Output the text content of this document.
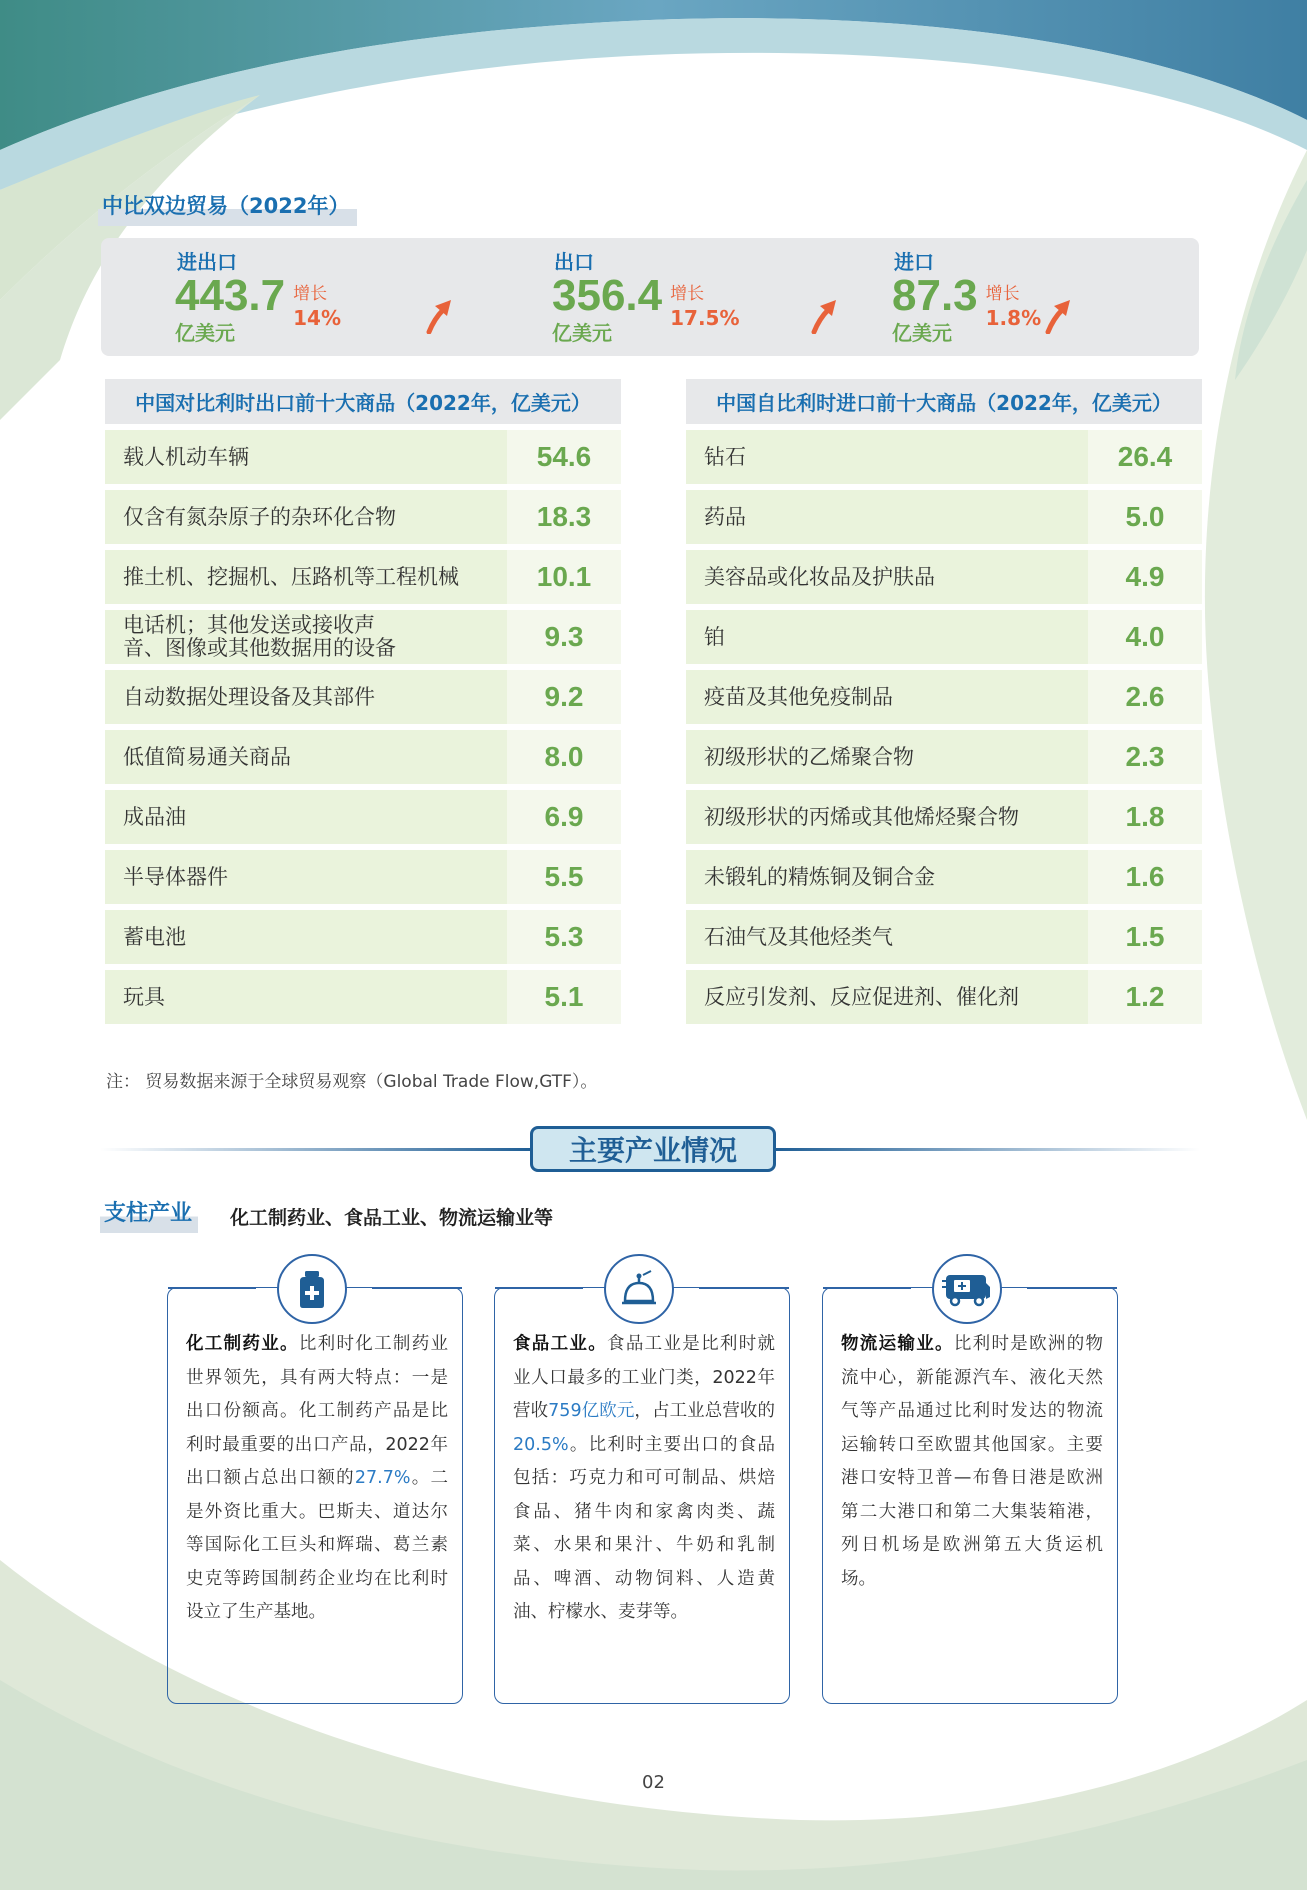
中比双边贸易（2022年）
进出口
443.7
亿美元
增长
14%
出口
356.4
亿美元
增长
17.5%
进口
87.3
亿美元
增长
1.8%
中国对比利时出口前十大商品（2022年，亿美元）
载人机动车辆	54.6
仅含有氮杂原子的杂环化合物	18.3
推土机、挖掘机、压路机等工程机械	10.1
电话机；其他发送或接收声音、图像或其他数据用的设备	9.3
自动数据处理设备及其部件	9.2
低值简易通关商品	8.0
成品油	6.9
半导体器件	5.5
蓄电池	5.3
玩具	5.1
中国自比利时进口前十大商品（2022年，亿美元）
钻石	26.4
药品	5.0
美容品或化妆品及护肤品	4.9
铂	4.0
疫苗及其他免疫制品	2.6
初级形状的乙烯聚合物	2.3
初级形状的丙烯或其他烯烃聚合物	1.8
未锻轧的精炼铜及铜合金	1.6
石油气及其他烃类气	1.5
反应引发剂、反应促进剂、催化剂	1.2
注： 贸易数据来源于全球贸易观察（Global Trade Flow,GTF）。
主要产业情况
支柱产业	化工制药业、食品工业、物流运输业等
化工制药业。比利时化工制药业世界领先，具有两大特点：一是出口份额高。化工制药产品是比利时最重要的出口产品，2022年出口额占总出口额的27.7%。二是外资比重大。巴斯夫、道达尔等国际化工巨头和辉瑞、葛兰素史克等跨国制药企业均在比利时设立了生产基地。
食品工业。食品工业是比利时就业人口最多的工业门类，2022年营收759亿欧元，占工业总营收的20.5%。比利时主要出口的食品包括：巧克力和可可制品、烘焙食品、猪牛肉和家禽肉类、蔬菜、水果和果汁、牛奶和乳制品、啤酒、动物饲料、人造黄油、柠檬水、麦芽等。
物流运输业。比利时是欧洲的物流中心，新能源汽车、液化天然气等产品通过比利时发达的物流运输转口至欧盟其他国家。主要港口安特卫普—布鲁日港是欧洲第二大港口和第二大集装箱港，列日机场是欧洲第五大货运机场。
02
